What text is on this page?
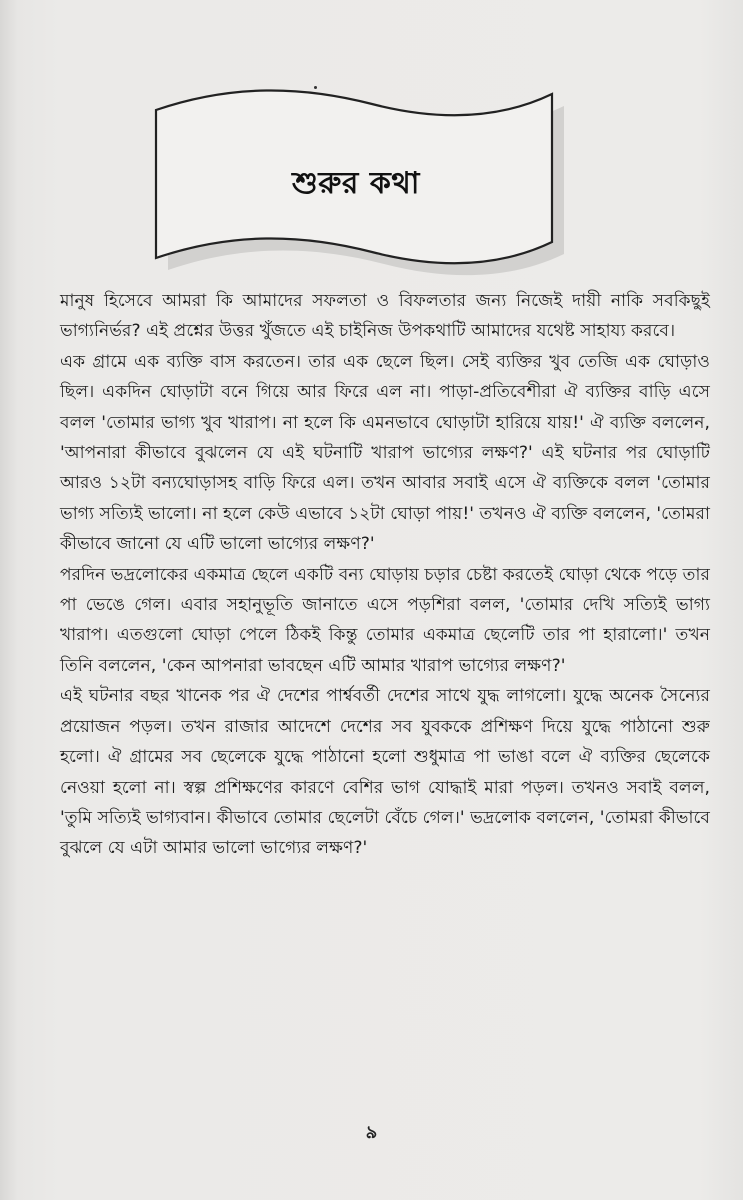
শুরুর কথা

মানুষ হিসেবে আমরা কি আমাদের সফলতা ও বিফলতার জন্য নিজেই দায়ী নাকি সবকিছুই ভাগ্যনির্ভর? এই প্রশ্নের উত্তর খুঁজতে এই চাইনিজ উপকথাটি আমাদের যথেষ্ট সাহায্য করবে।

এক গ্রামে এক ব্যক্তি বাস করতেন। তার এক ছেলে ছিল। সেই ব্যক্তির খুব তেজি এক ঘোড়াও ছিল। একদিন ঘোড়াটা বনে গিয়ে আর ফিরে এল না। পাড়া-প্রতিবেশীরা ঐ ব্যক্তির বাড়ি এসে বলল 'তোমার ভাগ্য খুব খারাপ। না হলে কি এমনভাবে ঘোড়াটা হারিয়ে যায়!' ঐ ব্যক্তি বললেন, 'আপনারা কীভাবে বুঝলেন যে এই ঘটনাটি খারাপ ভাগ্যের লক্ষণ?' এই ঘটনার পর ঘোড়াটি আরও ১২টা বন্যঘোড়াসহ বাড়ি ফিরে এল। তখন আবার সবাই এসে ঐ ব্যক্তিকে বলল 'তোমার ভাগ্য সত্যিই ভালো। না হলে কেউ এভাবে ১২টা ঘোড়া পায়!' তখনও ঐ ব্যক্তি বললেন, 'তোমরা কীভাবে জানো যে এটি ভালো ভাগ্যের লক্ষণ?'

পরদিন ভদ্রলোকের একমাত্র ছেলে একটি বন্য ঘোড়ায় চড়ার চেষ্টা করতেই ঘোড়া থেকে পড়ে তার পা ভেঙে গেল। এবার সহানুভূতি জানাতে এসে পড়শিরা বলল, 'তোমার দেখি সত্যিই ভাগ্য খারাপ। এতগুলো ঘোড়া পেলে ঠিকই কিন্তু তোমার একমাত্র ছেলেটি তার পা হারালো।' তখন তিনি বললেন, 'কেন আপনারা ভাবছেন এটি আমার খারাপ ভাগ্যের লক্ষণ?'

এই ঘটনার বছর খানেক পর ঐ দেশের পার্শ্ববর্তী দেশের সাথে যুদ্ধ লাগলো। যুদ্ধে অনেক সৈন্যের প্রয়োজন পড়ল। তখন রাজার আদেশে দেশের সব যুবককে প্রশিক্ষণ দিয়ে যুদ্ধে পাঠানো শুরু হলো। ঐ গ্রামের সব ছেলেকে যুদ্ধে পাঠানো হলো শুধুমাত্র পা ভাঙা বলে ঐ ব্যক্তির ছেলেকে নেওয়া হলো না। স্বল্প প্রশিক্ষণের কারণে বেশির ভাগ যোদ্ধাই মারা পড়ল। তখনও সবাই বলল, 'তুমি সত্যিই ভাগ্যবান। কীভাবে তোমার ছেলেটা বেঁচে গেল।' ভদ্রলোক বললেন, 'তোমরা কীভাবে বুঝলে যে এটা আমার ভালো ভাগ্যের লক্ষণ?'

৯
